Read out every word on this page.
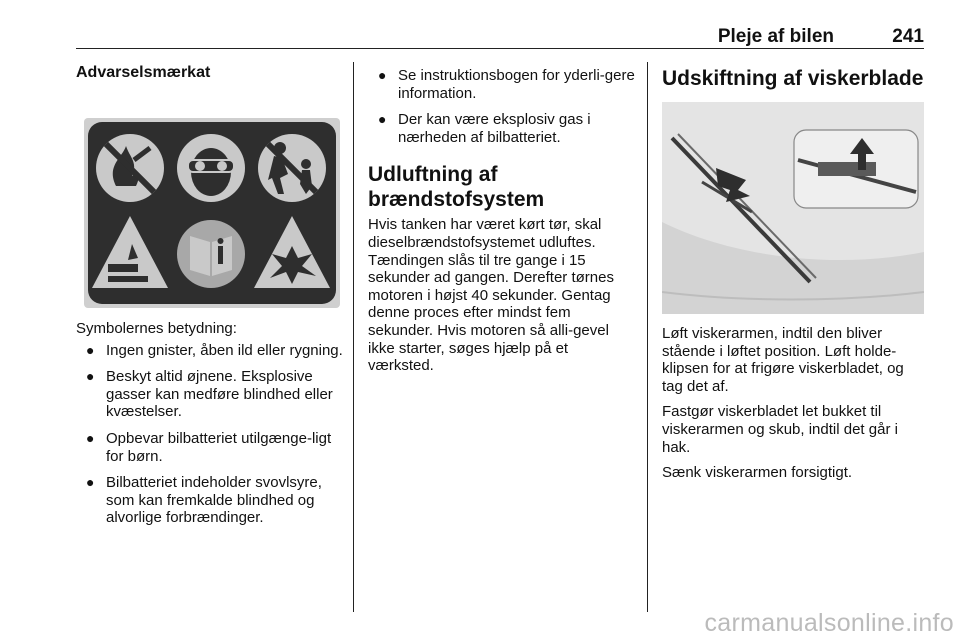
Pleje af bilen	241
Advarselsmærkat

Symbolernes betydning:

● Ingen gnister, åben ild eller rygning.
● Beskyt altid øjnene. Eksplosive gasser kan medføre blindhed eller kvæstelser.
● Opbevar bilbatteriet utilgænge-ligt for børn.
● Bilbatteriet indeholder svovlsyre, som kan fremkalde blindhed og alvorlige forbrændinger.
● Se instruktionsbogen for yderli-gere information.
● Der kan være eksplosiv gas i nærheden af bilbatteriet.
Udluftning af brændstofsystem

Hvis tanken har været kørt tør, skal dieselbrændstofsystemet udluftes. Tændingen slås til tre gange i 15 sekunder ad gangen. Derefter tørnes motoren i højst 40 sekunder. Gentag denne proces efter mindst fem sekunder. Hvis motoren så alli-gevel ikke starter, søges hjælp på et værksted.

Udskiftning af viskerblade

Løft viskerarmen, indtil den bliver stående i løftet position. Løft holde-klipsen for at frigøre viskerbladet, og tag det af.

Fastgør viskerbladet let bukket til viskerarmen og skub, indtil det går i hak.

Sænk viskerarmen forsigtigt.

carmanualsonline.info
